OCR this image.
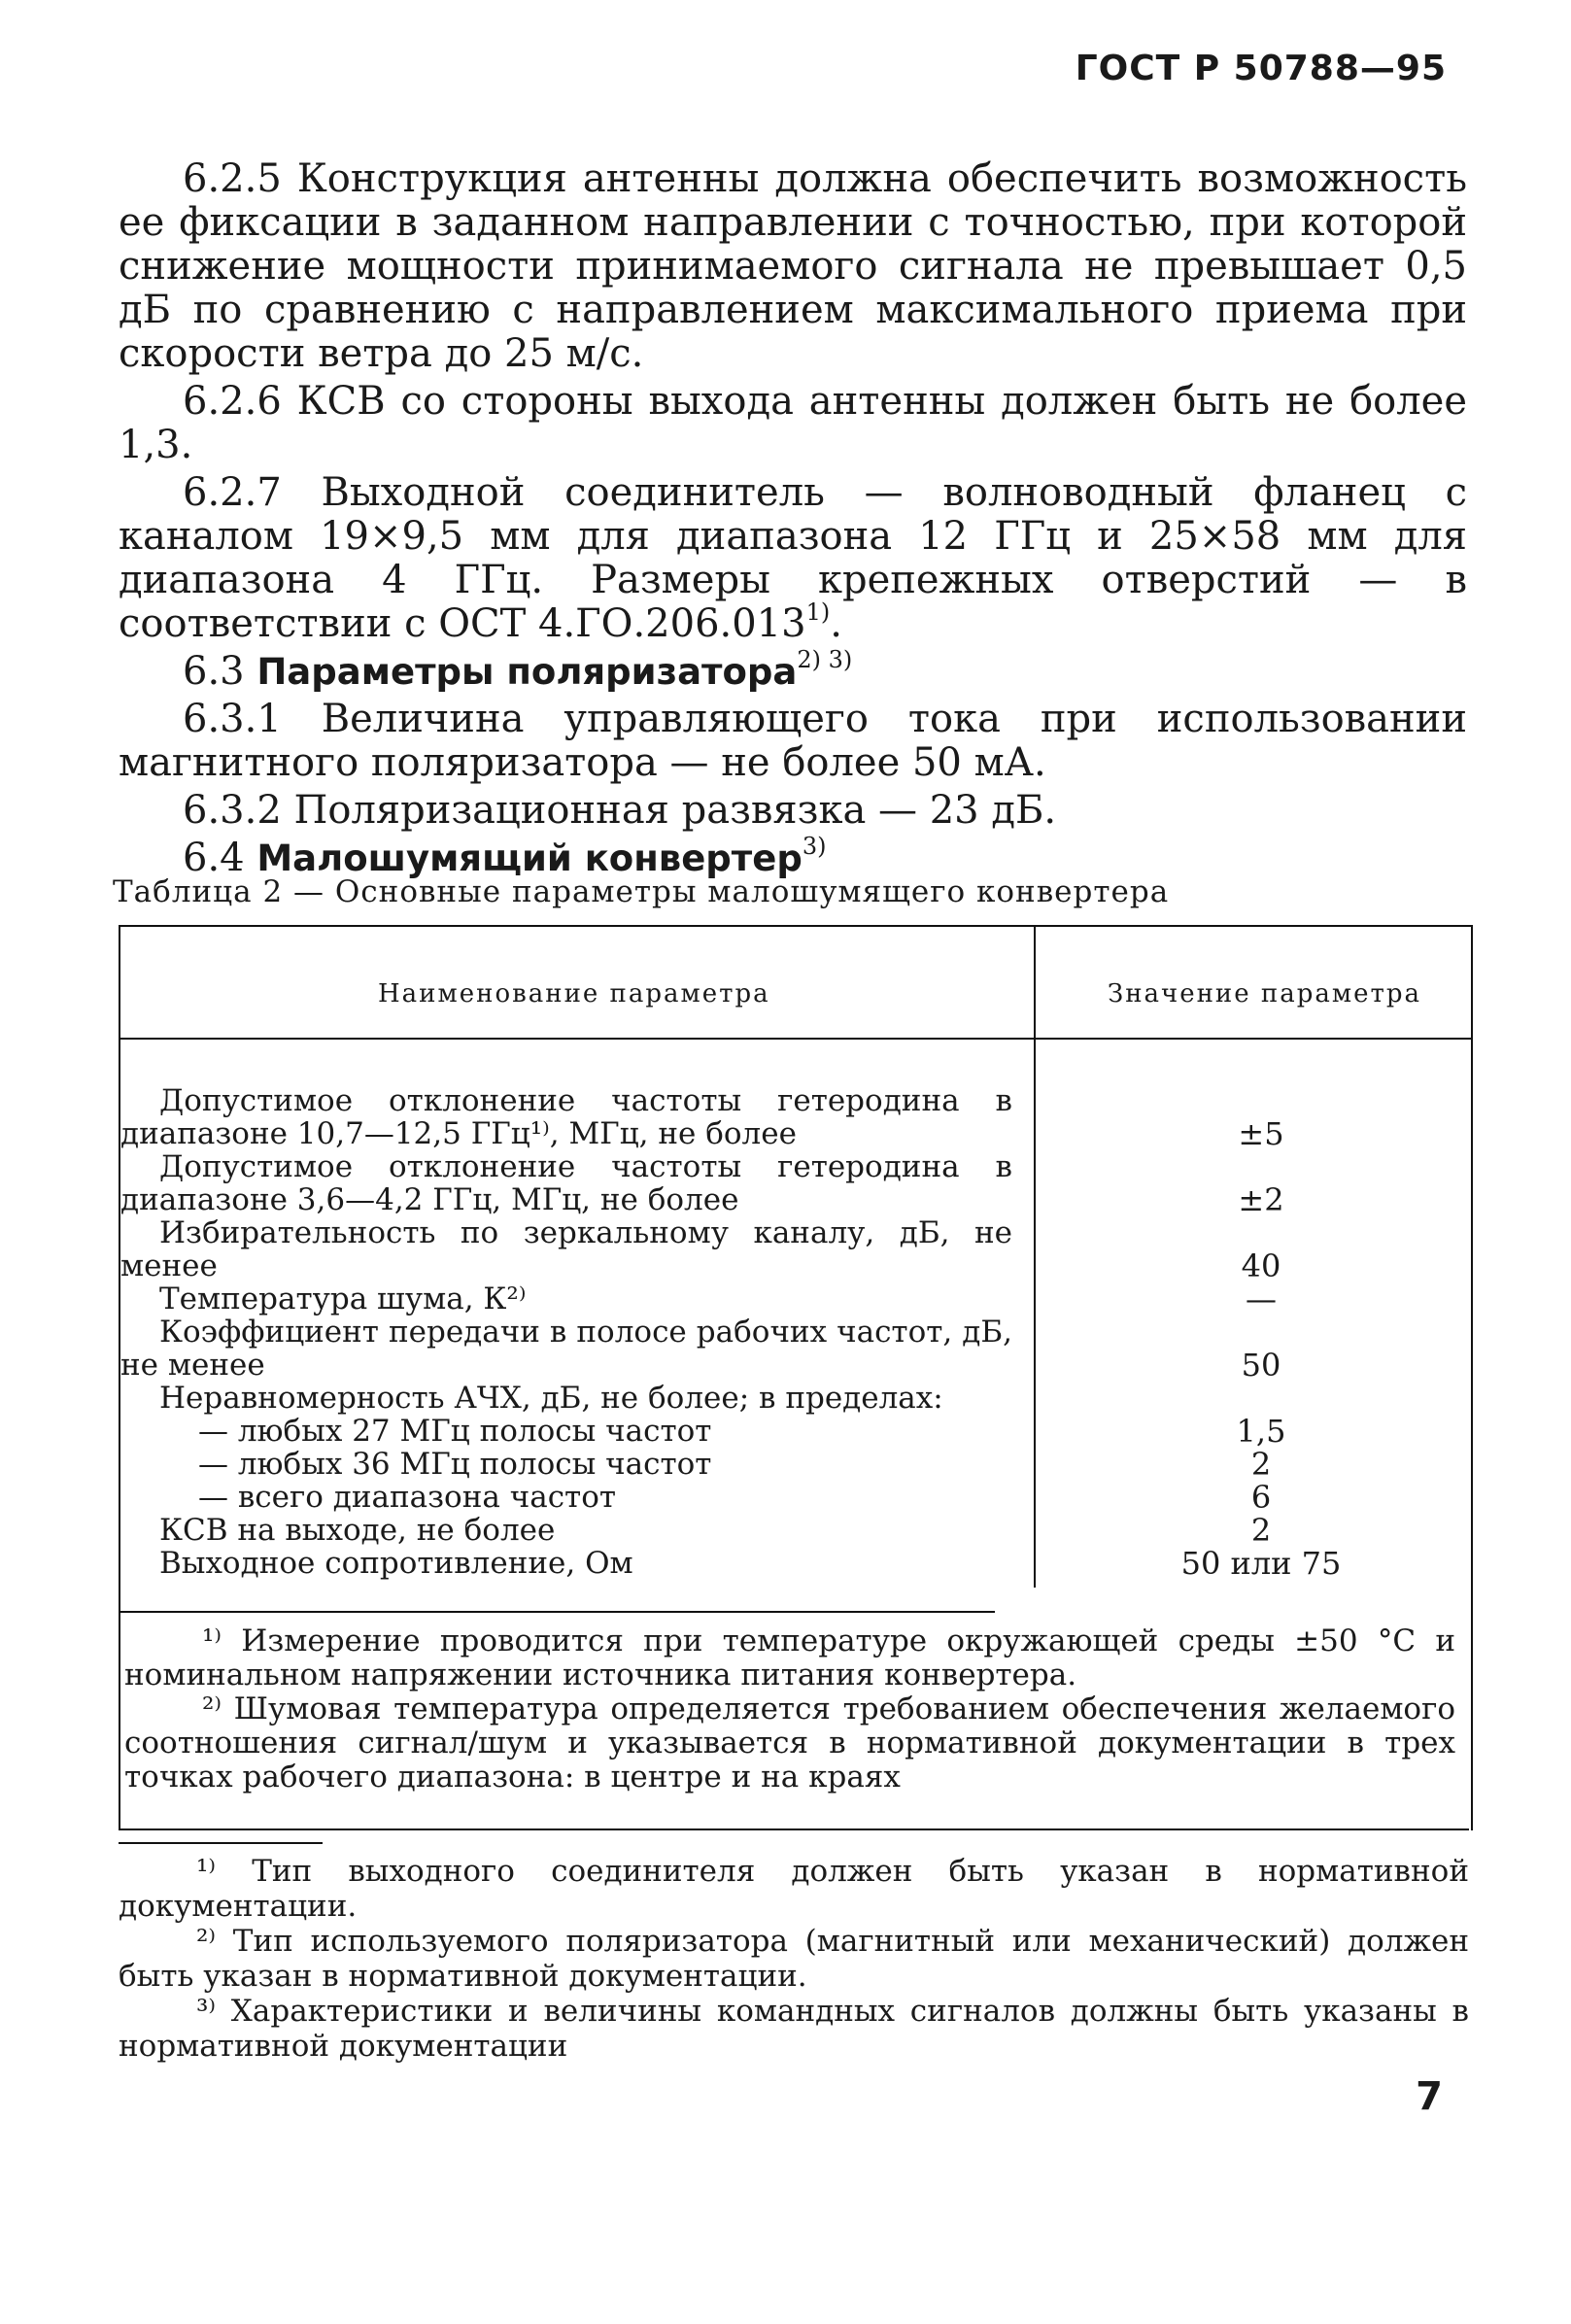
ГОСТ Р 50788—95

6.2.5 Конструкция антенны должна обеспечить возможность ее фиксации в заданном направлении с точностью, при которой снижение мощности принимаемого сигнала не превышает 0,5 дБ по сравнению с направлением максимального приема при скорости ветра до 25 м/с.

6.2.6 КСВ со стороны выхода антенны должен быть не более 1,3.

6.2.7 Выходной соединитель — волноводный фланец с каналом 19×9,5 мм для диапазона 12 ГГц и 25×58 мм для диапазона 4 ГГц. Размеры крепежных отверстий — в соответствии с ОСТ 4.ГО.206.013$^{1)}$.

6.3 Параметры поляризатора$^{2) 3)}$

6.3.1 Величина управляющего тока при использовании магнитного поляризатора — не более 50 мА.

6.3.2 Поляризационная развязка — 23 дБ.

6.4 Малошумящий конвертер$^{3)}$

Таблица 2 — Основные параметры малошумящего конвертера
Наименование параметра	Значение параметра
Допустимое отклонение частоты гетеродина в диапазоне 10,7—12,5 ГГц¹⁾, МГц, не более	±5
Допустимое отклонение частоты гетеродина в диапазоне 3,6—4,2 ГГц, МГц, не более	±2
Избирательность по зеркальному каналу, дБ, не менее	40
Температура шума, К²⁾	—
Коэффициент передачи в полосе рабочих частот, дБ, не менее	50
Неравномерность АЧХ, дБ, не более; в пределах:
— любых 27 МГц полосы частот	1,5
— любых 36 МГц полосы частот	2
— всего диапазона частот	6
КСВ на выходе, не более	2
Выходное сопротивление, Ом	50 или 75

¹⁾ Измерение проводится при температуре окружающей среды ±50 °С и номинальном напряжении источника питания конвертера.

²⁾ Шумовая температура определяется требованием обеспечения желаемого соотношения сигнал/шум и указывается в нормативной документации в трех точках рабочего диапазона: в центре и на краях

¹⁾ Тип выходного соединителя должен быть указан в нормативной документации.

²⁾ Тип используемого поляризатора (магнитный или механический) должен быть указан в нормативной документации.

³⁾ Характеристики и величины командных сигналов должны быть указаны в нормативной документации

7
